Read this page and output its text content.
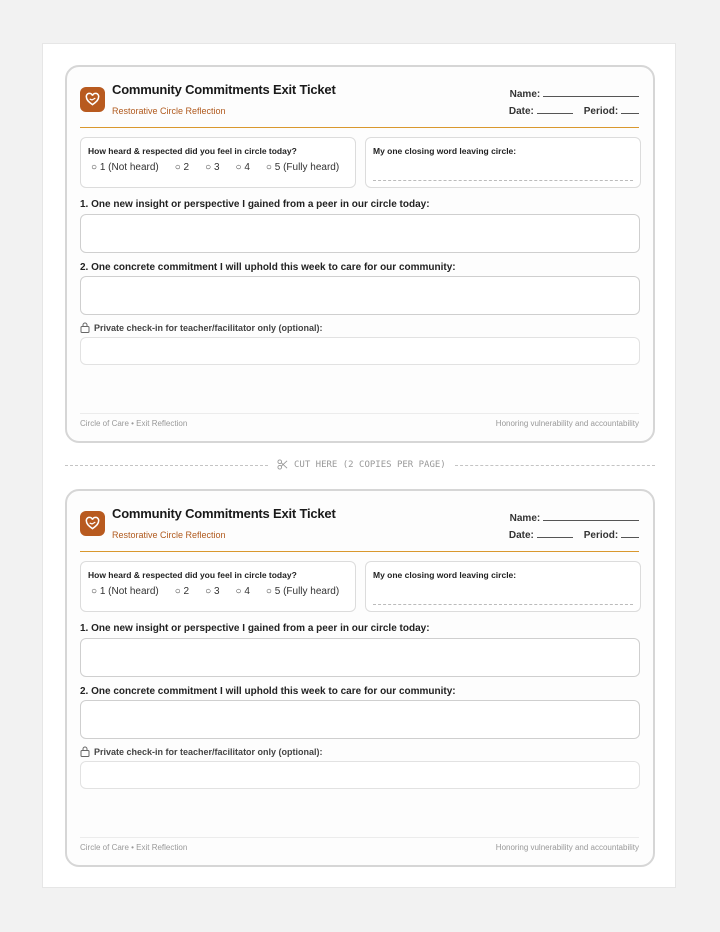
Community Commitments Exit Ticket
Restorative Circle Reflection
Name:
Date:	Period:
How heard & respected did you feel in circle today?
○ 1 (Not heard) ○ 2 ○ 3 ○ 4 ○ 5 (Fully heard)
My one closing word leaving circle:
1. One new insight or perspective I gained from a peer in our circle today:
2. One concrete commitment I will uphold this week to care for our community:
Private check-in for teacher/facilitator only (optional):
Circle of Care • Exit Reflection	Honoring vulnerability and accountability
CUT HERE (2 COPIES PER PAGE)
Community Commitments Exit Ticket
Restorative Circle Reflection
Name:
Date:	Period:
How heard & respected did you feel in circle today?
○ 1 (Not heard) ○ 2 ○ 3 ○ 4 ○ 5 (Fully heard)
My one closing word leaving circle:
1. One new insight or perspective I gained from a peer in our circle today:
2. One concrete commitment I will uphold this week to care for our community:
Private check-in for teacher/facilitator only (optional):
Circle of Care • Exit Reflection	Honoring vulnerability and accountability
